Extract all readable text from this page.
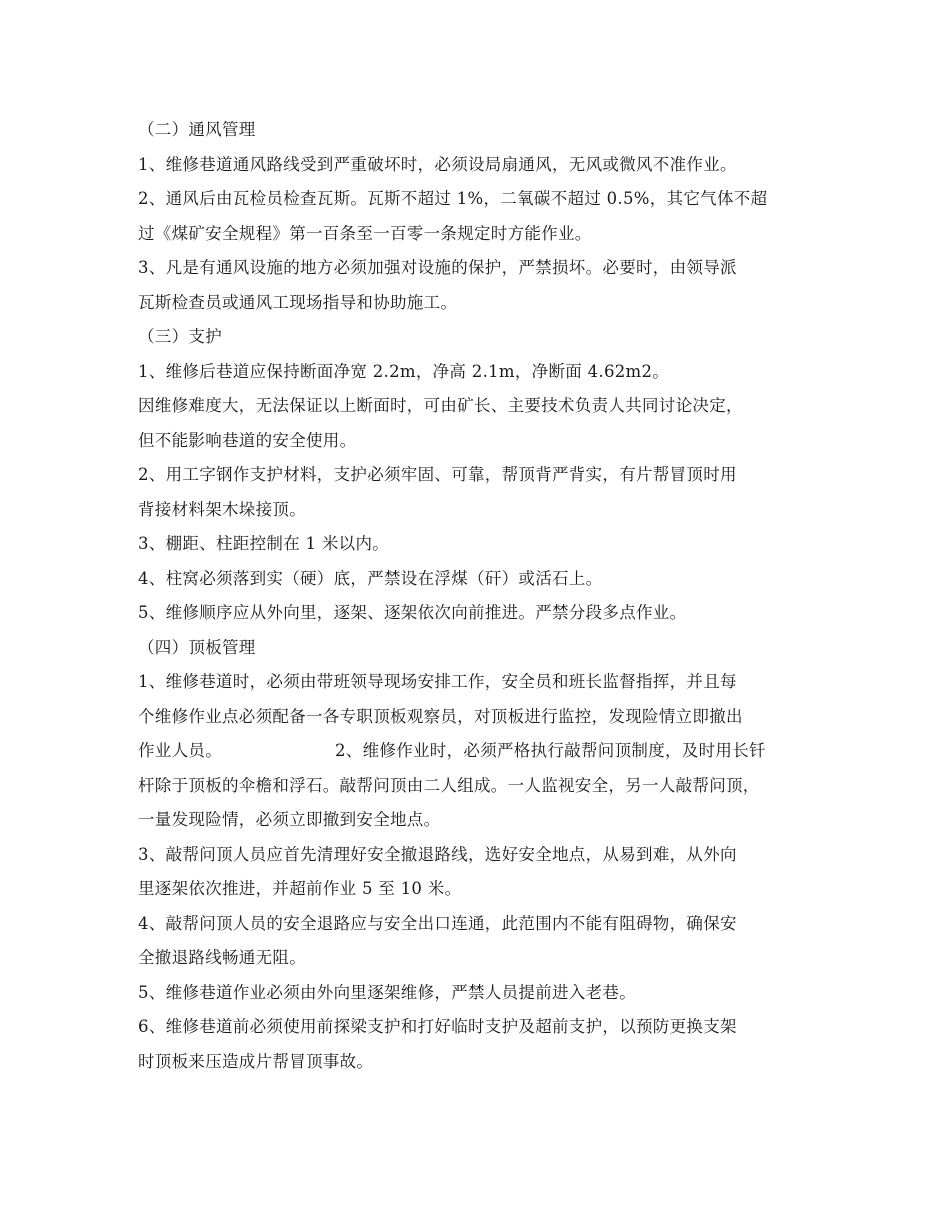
（二）通风管理
1、维修巷道通风路线受到严重破坏时，必须设局扇通风，无风或微风不准作业。
2、通风后由瓦检员检查瓦斯。瓦斯不超过 1%，二氧碳不超过 0.5%，其它气体不超
过《煤矿安全规程》第一百条至一百零一条规定时方能作业。
3、凡是有通风设施的地方必须加强对设施的保护，严禁损坏。必要时，由领导派
瓦斯检查员或通风工现场指导和协助施工。
（三）支护
1、维修后巷道应保持断面净宽 2.2m，净高 2.1m，净断面 4.62m2。
因维修难度大，无法保证以上断面时，可由矿长、主要技术负责人共同讨论决定，
但不能影响巷道的安全使用。
2、用工字钢作支护材料，支护必须牢固、可靠，帮顶背严背实，有片帮冒顶时用
背接材料架木垛接顶。
3、棚距、柱距控制在 1 米以内。
4、柱窝必须落到实（硬）底，严禁设在浮煤（矸）或活石上。
5、维修顺序应从外向里，逐架、逐架依次向前推进。严禁分段多点作业。
（四）顶板管理
1、维修巷道时，必须由带班领导现场安排工作，安全员和班长监督指挥，并且每
个维修作业点必须配备一各专职顶板观察员，对顶板进行监控，发现险情立即撤出
作业人员。	2、维修作业时，必须严格执行敲帮问顶制度，及时用长钎
杆除于顶板的伞檐和浮石。敲帮问顶由二人组成。一人监视安全，另一人敲帮问顶，
一量发现险情，必须立即撤到安全地点。
3、敲帮问顶人员应首先清理好安全撤退路线，选好安全地点，从易到难，从外向
里逐架依次推进，并超前作业 5 至 10 米。
4、敲帮问顶人员的安全退路应与安全出口连通，此范围内不能有阻碍物，确保安
全撤退路线畅通无阻。
5、维修巷道作业必须由外向里逐架维修，严禁人员提前进入老巷。
6、维修巷道前必须使用前探梁支护和打好临时支护及超前支护，以预防更换支架
时顶板来压造成片帮冒顶事故。
